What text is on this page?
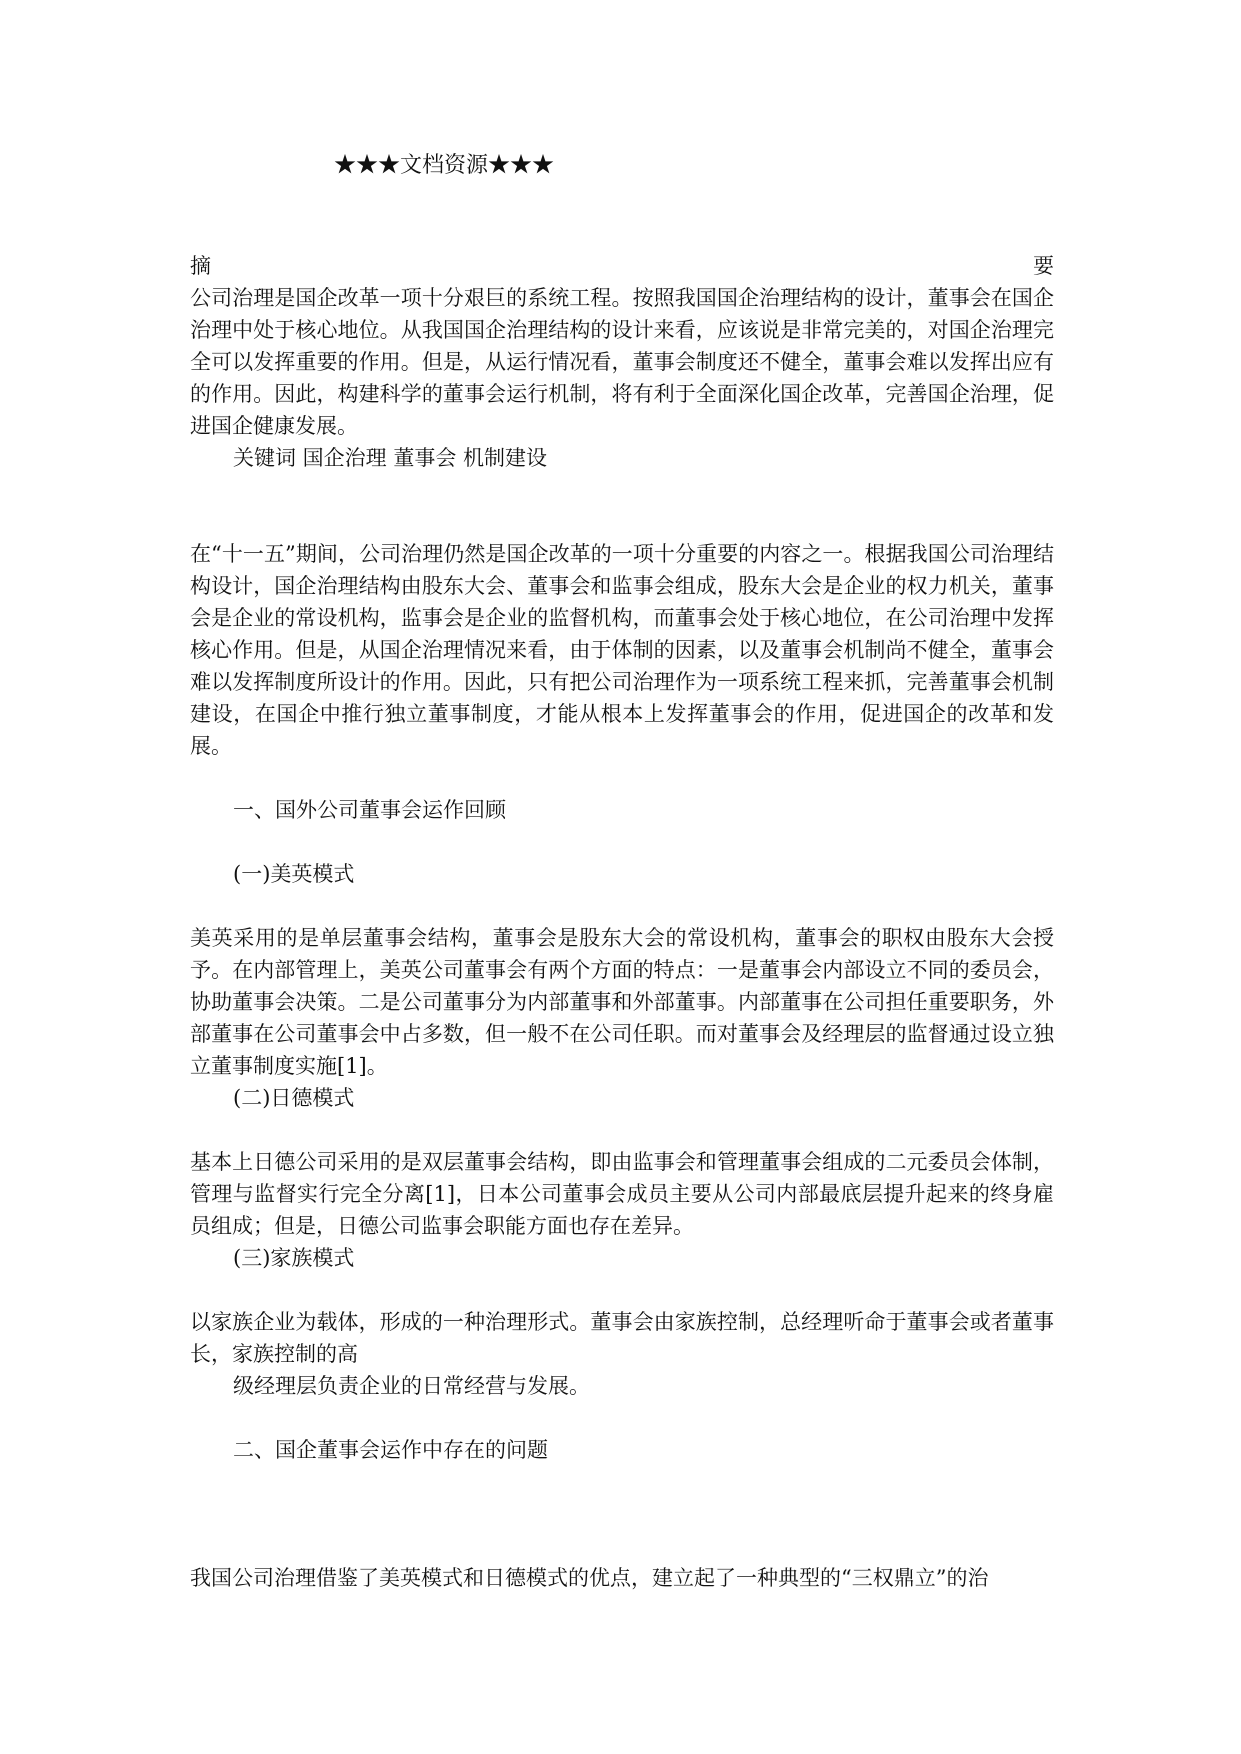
★★★文档资源★★★
摘	要
公司治理是国企改革一项十分艰巨的系统工程。按照我国国企治理结构的设计，董事会在国企治理中处于核心地位。从我国国企治理结构的设计来看，应该说是非常完美的，对国企治理完全可以发挥重要的作用。但是，从运行情况看，董事会制度还不健全，董事会难以发挥出应有的作用。因此，构建科学的董事会运行机制，将有利于全面深化国企改革，完善国企治理，促进国企健康发展。
关键词 国企治理 董事会 机制建设
在“十一五”期间，公司治理仍然是国企改革的一项十分重要的内容之一。根据我国公司治理结构设计，国企治理结构由股东大会、董事会和监事会组成，股东大会是企业的权力机关，董事会是企业的常设机构，监事会是企业的监督机构，而董事会处于核心地位，在公司治理中发挥核心作用。但是，从国企治理情况来看，由于体制的因素，以及董事会机制尚不健全，董事会难以发挥制度所设计的作用。因此，只有把公司治理作为一项系统工程来抓，完善董事会机制建设，在国企中推行独立董事制度，才能从根本上发挥董事会的作用，促进国企的改革和发展。
一、国外公司董事会运作回顾
(一)美英模式
美英采用的是单层董事会结构，董事会是股东大会的常设机构，董事会的职权由股东大会授予。在内部管理上，美英公司董事会有两个方面的特点：一是董事会内部设立不同的委员会，协助董事会决策。二是公司董事分为内部董事和外部董事。内部董事在公司担任重要职务，外部董事在公司董事会中占多数，但一般不在公司任职。而对董事会及经理层的监督通过设立独立董事制度实施[1]。
(二)日德模式
基本上日德公司采用的是双层董事会结构，即由监事会和管理董事会组成的二元委员会体制，管理与监督实行完全分离[1]，日本公司董事会成员主要从公司内部最底层提升起来的终身雇员组成；但是，日德公司监事会职能方面也存在差异。
(三)家族模式
以家族企业为载体，形成的一种治理形式。董事会由家族控制，总经理听命于董事会或者董事长，家族控制的高
级经理层负责企业的日常经营与发展。
二、国企董事会运作中存在的问题
我国公司治理借鉴了美英模式和日德模式的优点，建立起了一种典型的“三权鼎立”的治
